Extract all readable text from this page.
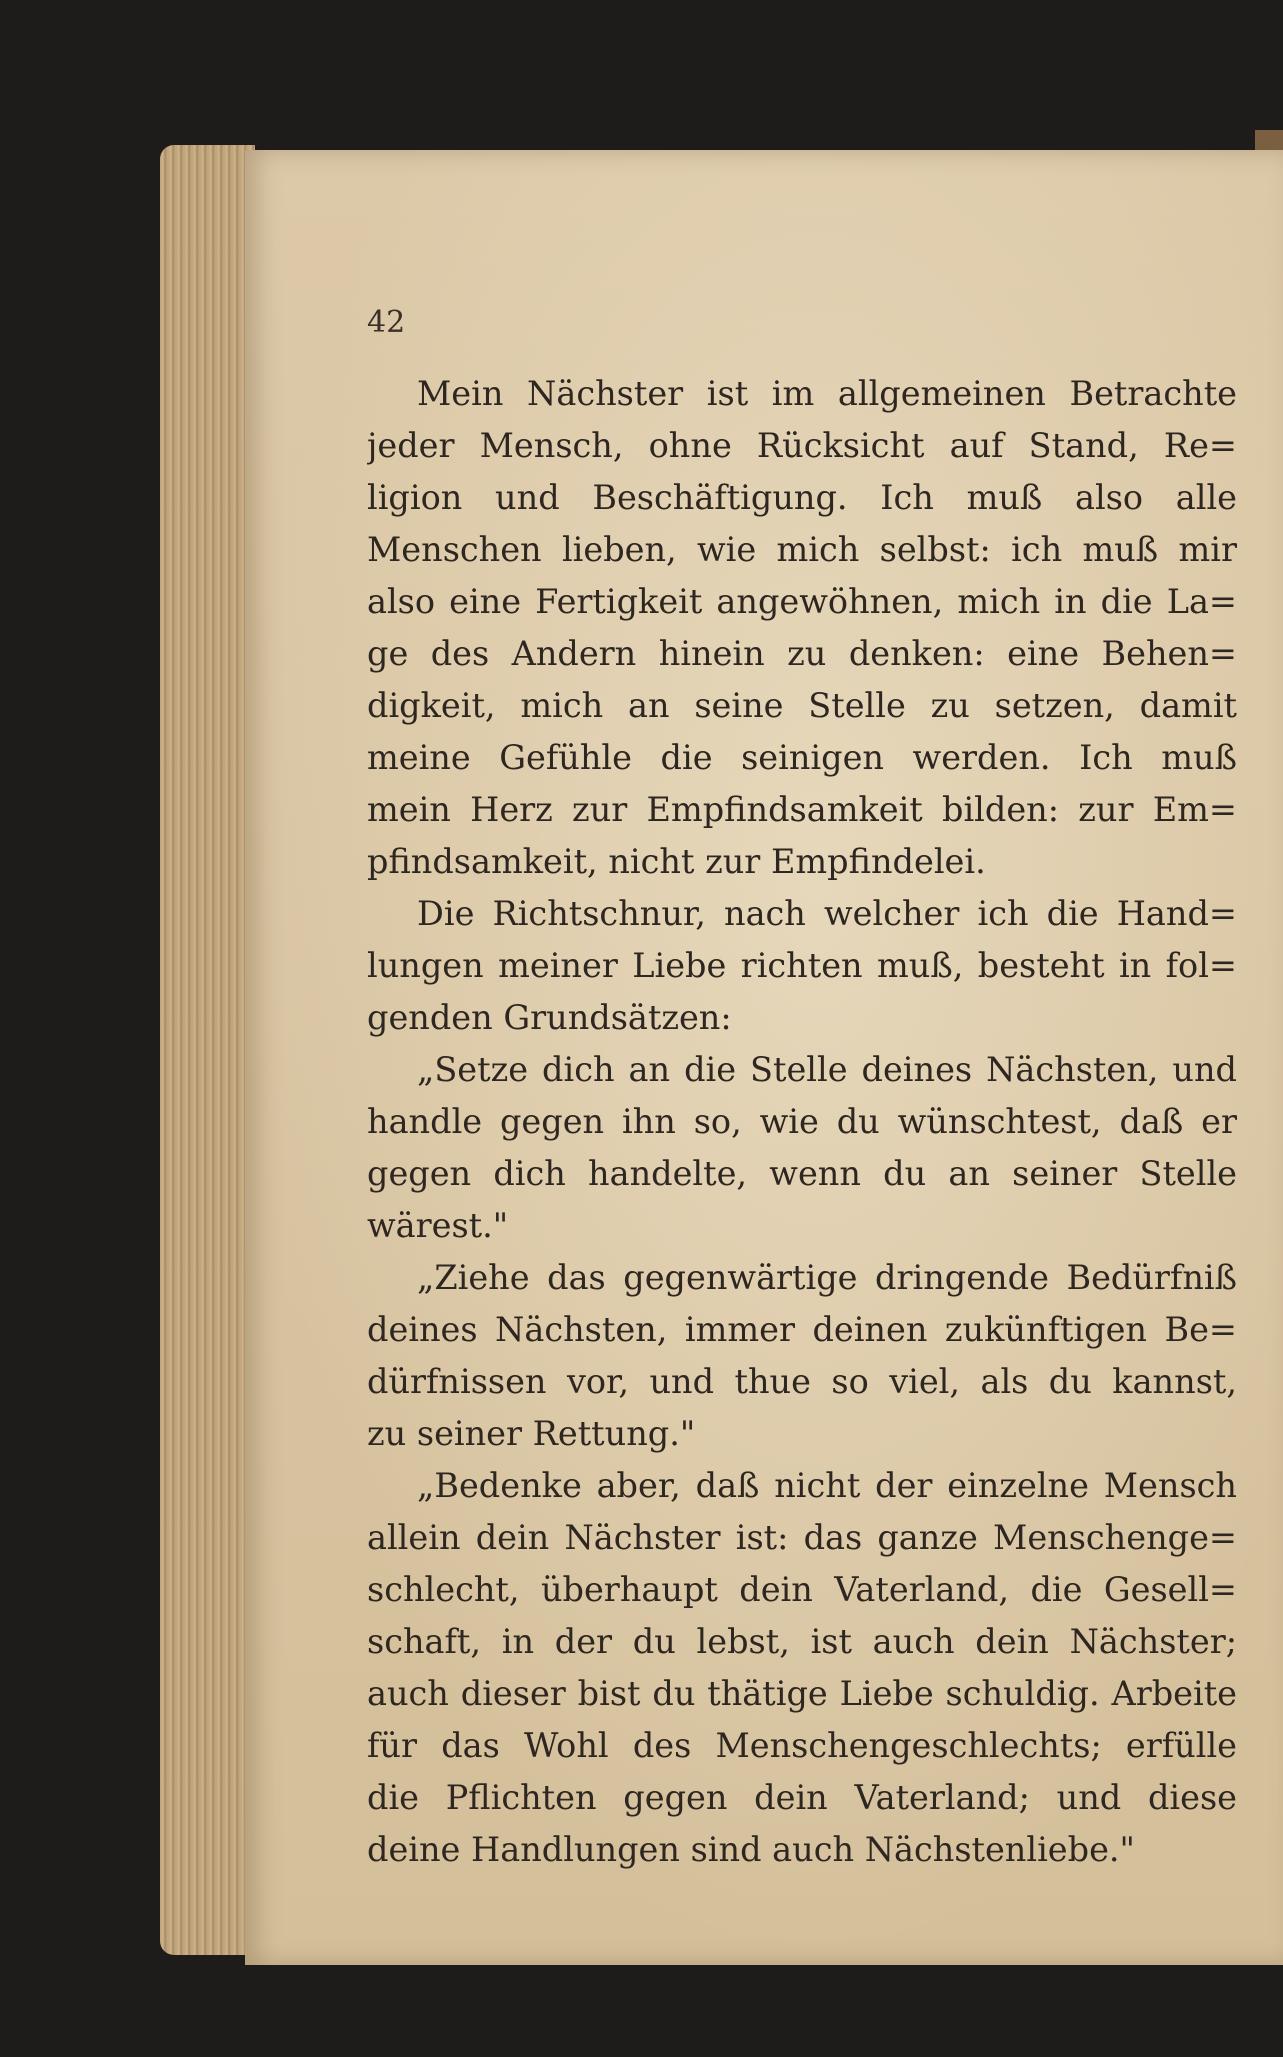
42
Mein Nächster ist im allgemeinen Betrachte
jeder Mensch, ohne Rücksicht auf Stand, Re=
ligion und Beschäftigung. Ich muß also alle
Menschen lieben, wie mich selbst: ich muß mir
also eine Fertigkeit angewöhnen, mich in die La=
ge des Andern hinein zu denken: eine Behen=
digkeit, mich an seine Stelle zu setzen, damit
meine Gefühle die seinigen werden. Ich muß
mein Herz zur Empfindsamkeit bilden: zur Em=
pfindsamkeit, nicht zur Empfindelei.
Die Richtschnur, nach welcher ich die Hand=
lungen meiner Liebe richten muß, besteht in fol=
genden Grundsätzen:
„Setze dich an die Stelle deines Nächsten, und
handle gegen ihn so, wie du wünschtest, daß er
gegen dich handelte, wenn du an seiner Stelle
wärest."
„Ziehe das gegenwärtige dringende Bedürfniß
deines Nächsten, immer deinen zukünftigen Be=
dürfnissen vor, und thue so viel, als du kannst,
zu seiner Rettung."
„Bedenke aber, daß nicht der einzelne Mensch
allein dein Nächster ist: das ganze Menschenge=
schlecht, überhaupt dein Vaterland, die Gesell=
schaft, in der du lebst, ist auch dein Nächster;
auch dieser bist du thätige Liebe schuldig. Arbeite
für das Wohl des Menschengeschlechts; erfülle
die Pflichten gegen dein Vaterland; und diese
deine Handlungen sind auch Nächstenliebe."
